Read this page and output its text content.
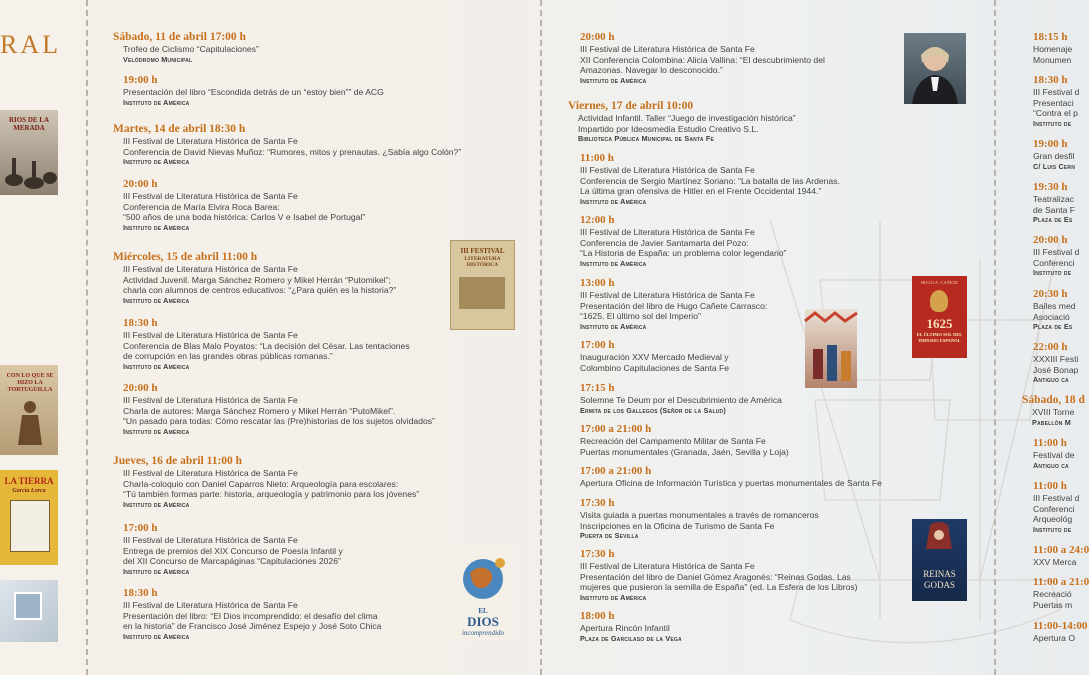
RAL
RIOS DE LA MERADA
CON LO QUE SE HIZO LA TORTUGUILLA
LA TIERRA
Garcia Lorca
Sábado, 11 de abril 17:00 h
Trofeo de Ciclismo “Capitulaciones”
Velódromo Municipal
19:00 h
Presentación del libro “Escondida detrás de un “estoy bien”” de ACG
Instituto de América
Martes, 14 de abril 18:30 h
III Festival de Literatura Histórica de Santa Fe
Conferencia de David Nievas Muñoz: “Rumores, mitos y prenautas. ¿Sabía algo Colón?”
Instituto de América
20:00 h
III Festival de Literatura Histórica de Santa Fe
Conferencia de María Elvira Roca Barea:
“500 años de una boda histórica: Carlos V e Isabel de Portugal”
Instituto de América
Miércoles, 15 de abril 11:00 h
III Festival de Literatura Histórica de Santa Fe
Actividad Juvenil. Marga Sánchez Romero y Mikel Herrán “Putomikel”;
charla con alumnos de centros educativos: “¿Para quién es la historia?”
Instituto de América
18:30 h
III Festival de Literatura Histórica de Santa Fe
Conferencia de Blas Malo Poyatos: “La decisión del César. Las tentaciones
de corrupción en las grandes obras públicas romanas.”
Instituto de América
20:00 h
III Festival de Literatura Histórica de Santa Fe
Charla de autores: Marga Sánchez Romero y Mikel Herrán “PutoMikel”.
“Un pasado para todas: Cómo rescatar las (Pre)historias de los sujetos olvidados”
Instituto de América
Jueves, 16 de abril 11:00 h
III Festival de Literatura Histórica de Santa Fe
Charla-coloquio con Daniel Caparros Nieto: Arqueología para escolares:
“Tú también formas parte: historia, arqueología y patrimonio para los jóvenes”
Instituto de América
17:00 h
III Festival de Literatura Histórica de Santa Fe
Entrega de premios del XIX Concurso de Poesía Infantil y
del XII Concurso de Marcapáginas “Capitulaciones 2026”
Instituto de América
18:30 h
III Festival de Literatura Histórica de Santa Fe
Presentación del libro: “El Dios incomprendido: el desafío del clima
en la historia” de Francisco José Jiménez Espejo y José Soto Chica
Instituto de América
III FESTIVAL
LITERATURA HISTÓRICA
EL
DIOS
incomprendido
20:00 h
III Festival de Literatura Histórica de Santa Fe
XII Conferencia Colombina: Alicia Vallina: “El descubrimiento del
Amazonas. Navegar lo desconocido.”
Instituto de América
Viernes, 17 de abril 10:00
Actividad Infantil. Taller “Juego de investigación histórica”
Impartido por Ideosmedia Estudio Creativo S.L.
Biblioteca Pública Municipal de Santa Fe
11:00 h
III Festival de Literatura Histórica de Santa Fe
Conferencia de Sergio Martínez Soriano: “La batalla de las Ardenas.
La última gran ofensiva de Hitler en el Frente Occidental 1944.”
Instituto de América
12:00 h
III Festival de Literatura Histórica de Santa Fe
Conferencia de Javier Santamarta del Pozo:
“La Historia de España: un problema color legendario”
Instituto de América
13:00 h
III Festival de Literatura Histórica de Santa Fe
Presentación del libro de Hugo Cañete Carrasco:
“1625. El último sol del Imperio”
Instituto de América
17:00 h
Inauguración XXV Mercado Medieval y
Colombino Capitulaciones de Santa Fe
17:15 h
Solemne Te Deum por el Descubrimiento de América
Ermita de los Gallegos (Señor de la Salud)
17:00 a 21:00 h
Recreación del Campamento Militar de Santa Fe
Puertas monumentales (Granada, Jaén, Sevilla y Loja)
17:00 a 21:00 h
Apertura Oficina de Información Turística y puertas monumentales de Santa Fe
17:30 h
Visita guiada a puertas monumentales a través de romanceros
Inscripciones en la Oficina de Turismo de Santa Fe
Puerta de Sevilla
17:30 h
III Festival de Literatura Histórica de Santa Fe
Presentación del libro de Daniel Gómez Aragonés: “Reinas Godas. Las
mujeres que pusieron la semilla de España” (ed. La Esfera de los Libros)
Instituto de América
18:00 h
Apertura Rincón Infantil
Plaza de Garcilaso de la Vega
HUGO A. CAÑETE
1625
EL ÚLTIMO SOL DEL IMPERIO ESPAÑOL
REINAS
GODAS
18:15 h
Homenaje
Monumen
18:30 h
III Festival d
Presentaci
“Contra el p
Instituto de
19:00 h
Gran desfil
C/ Luis Cern
19:30 h
Teatralizac
de Santa F
Plaza de Es
20:00 h
III Festival d
Conferenci
Instituto de
20:30 h
Bailes med
Asociació
Plaza de Es
22:00 h
XXXIII Festi
José Bonap
Antiguo ca
Sábado, 18 d
XVIII Torne
Pabellón M
11:00 h
Festival de
Antiguo ca
11:00 h
III Festival d
Conferenci
Arqueológ
Instituto de
11:00 a 24:0
XXV Merca
11:00 a 21:0
Recreació
Puertas m
11:00-14:00
Apertura O
